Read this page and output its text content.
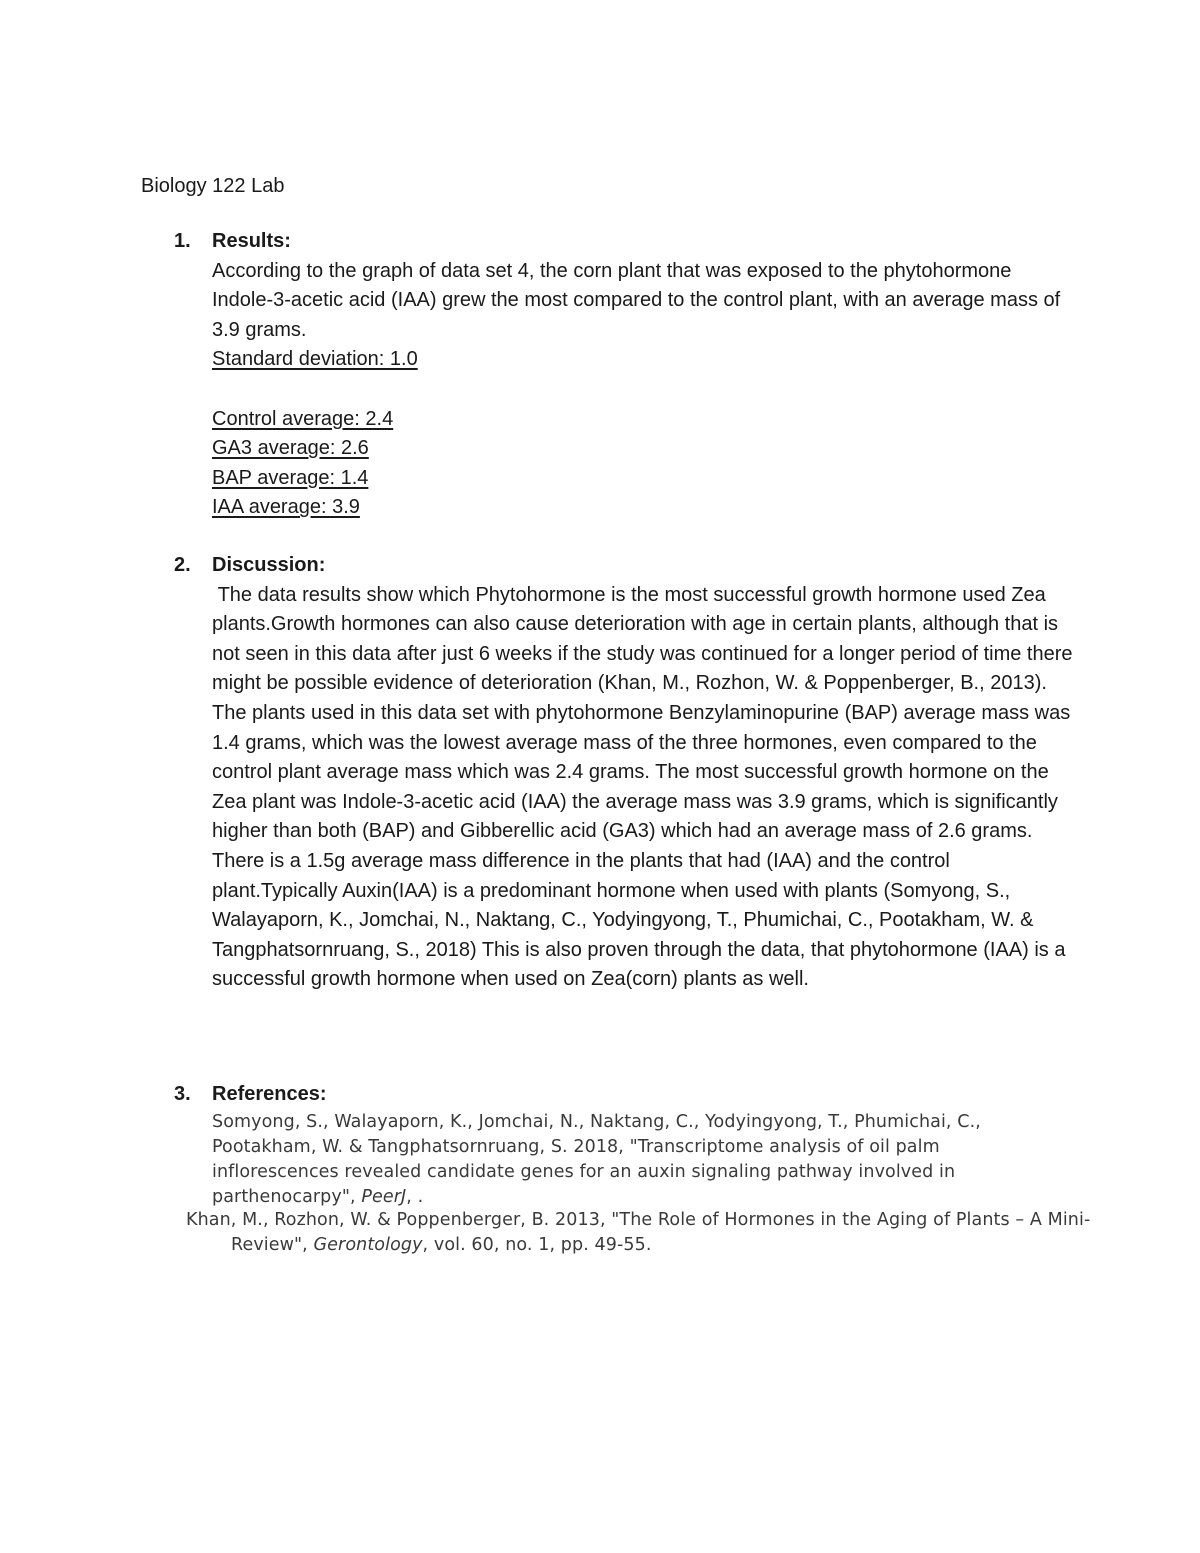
Biology 122 Lab
1. Results:

According to the graph of data set 4, the corn plant that was exposed to the phytohormone Indole-3-acetic acid (IAA) grew the most compared to the control plant, with an average mass of 3.9 grams.

Standard deviation: 1.0
Control average: 2.4
GA3 average: 2.6
BAP average: 1.4
IAA average: 3.9
2. Discussion:

The data results show which Phytohormone is the most successful growth hormone used Zea plants.Growth hormones can also cause deterioration with age in certain plants, although that is not seen in this data after just 6 weeks if the study was continued for a longer period of time there might be possible evidence of deterioration (Khan, M., Rozhon, W. & Poppenberger, B., 2013). The plants used in this data set with phytohormone Benzylaminopurine (BAP) average mass was 1.4 grams, which was the lowest average mass of the three hormones, even compared to the control plant average mass which was 2.4 grams. The most successful growth hormone on the Zea plant was Indole-3-acetic acid (IAA) the average mass was 3.9 grams, which is significantly higher than both (BAP) and Gibberellic acid (GA3) which had an average mass of 2.6 grams. There is a 1.5g average mass difference in the plants that had (IAA) and the control plant.Typically Auxin(IAA) is a predominant hormone when used with plants (Somyong, S., Walayaporn, K., Jomchai, N., Naktang, C., Yodyingyong, T., Phumichai, C., Pootakham, W. & Tangphatsornruang, S., 2018) This is also proven through the data, that phytohormone (IAA) is a successful growth hormone when used on Zea(corn) plants as well.

3. References:
Somyong, S., Walayaporn, K., Jomchai, N., Naktang, C., Yodyingyong, T., Phumichai, C., Pootakham, W. & Tangphatsornruang, S. 2018, "Transcriptome analysis of oil palm inflorescences revealed candidate genes for an auxin signaling pathway involved in parthenocarpy", PeerJ, .
Khan, M., Rozhon, W. & Poppenberger, B. 2013, "The Role of Hormones in the Aging of Plants – A Mini-Review", Gerontology, vol. 60, no. 1, pp. 49-55.
